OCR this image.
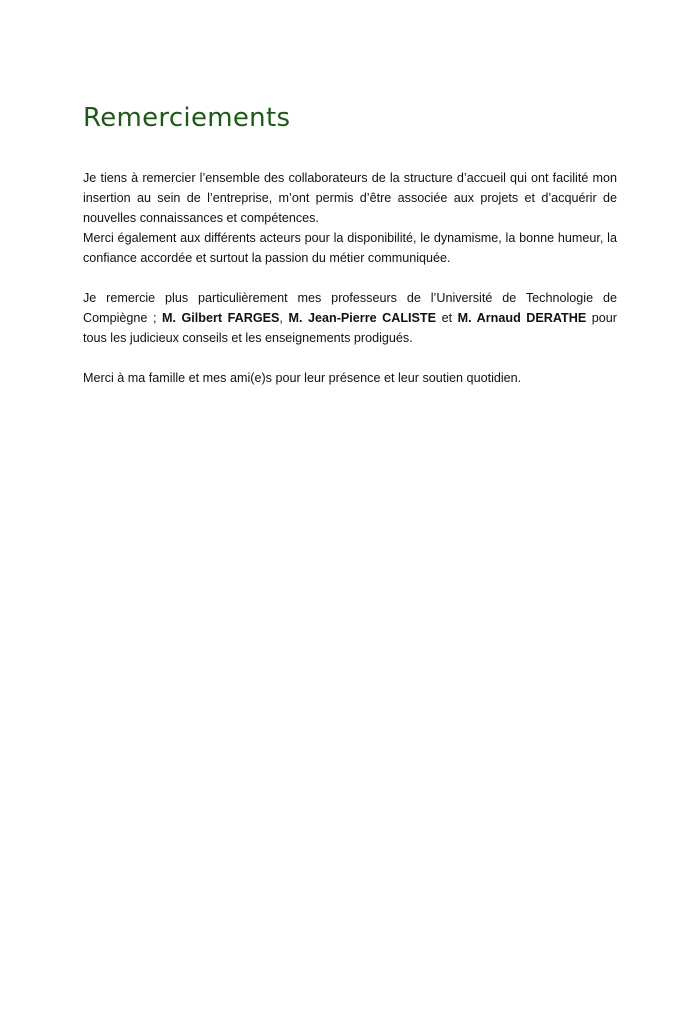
Remerciements

Je tiens à remercier l’ensemble des collaborateurs de la structure d’accueil qui ont facilité mon insertion au sein de l’entreprise, m’ont permis d’être associée aux projets et d’acquérir de nouvelles connaissances et compétences.

Merci également aux différents acteurs pour la disponibilité, le dynamisme, la bonne humeur, la confiance accordée et surtout la passion du métier communiquée.

Je remercie plus particulièrement mes professeurs de l’Université de Technologie de Compiègne ; M. Gilbert FARGES, M. Jean-Pierre CALISTE et M. Arnaud DERATHE pour tous les judicieux conseils et les enseignements prodigués.

Merci à ma famille et mes ami(e)s pour leur présence et leur soutien quotidien.
